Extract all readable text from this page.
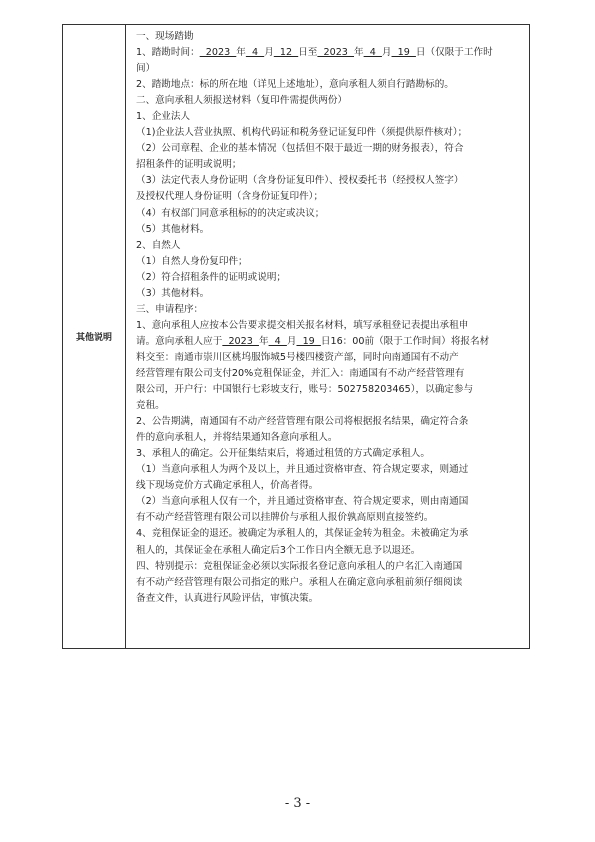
其他说明
一、现场踏勘
1、踏勘时间：  2023  年  4  月  12  日至  2023  年  4  月  19  日（仅限于工作时
间）
2、踏勘地点：标的所在地（详见上述地址），意向承租人须自行踏勘标的。
二、意向承租人须报送材料（复印件需提供两份）
1、企业法人
（1)企业法人营业执照、机构代码证和税务登记证复印件（须提供原件核对）；
（2）公司章程、企业的基本情况（包括但不限于最近一期的财务报表），符合
招租条件的证明或说明；
（3）法定代表人身份证明（含身份证复印件）、授权委托书（经授权人签字）
及授权代理人身份证明（含身份证复印件）；
（4）有权部门同意承租标的的决定或决议；
（5）其他材料。
2、自然人
（1）自然人身份复印件；
（2）符合招租条件的证明或说明；
（3）其他材料。
三、申请程序：
1、意向承租人应按本公告要求提交相关报名材料，填写承租登记表提出承租申
请。意向承租人应于  2023  年  4  月  19  日16：00前（限于工作时间）将报名材
料交至：南通市崇川区桃坞服饰城5号楼四楼资产部，同时向南通国有不动产
经营管理有限公司支付20%竞租保证金，并汇入：南通国有不动产经营管理有
限公司，开户行：中国银行七彩坡支行，账号：502758203465），以确定参与
竞租。
2、公告期满，南通国有不动产经营管理有限公司将根据报名结果，确定符合条
件的意向承租人，并将结果通知各意向承租人。
3、承租人的确定。公开征集结束后，将通过租赁的方式确定承租人。
（1）当意向承租人为两个及以上，并且通过资格审查、符合规定要求，则通过
线下现场竞价方式确定承租人，价高者得。
（2）当意向承租人仅有一个，并且通过资格审查、符合规定要求，则由南通国
有不动产经营管理有限公司以挂牌价与承租人报价孰高原则直接签约。
4、竞租保证金的退还。被确定为承租人的，其保证金转为租金。未被确定为承
租人的，其保证金在承租人确定后3个工作日内全额无息予以退还。
四、特别提示：竞租保证金必须以实际报名登记意向承租人的户名汇入南通国
有不动产经营管理有限公司指定的账户。承租人在确定意向承租前须仔细阅读
备查文件，认真进行风险评估，审慎决策。
- 3 -
